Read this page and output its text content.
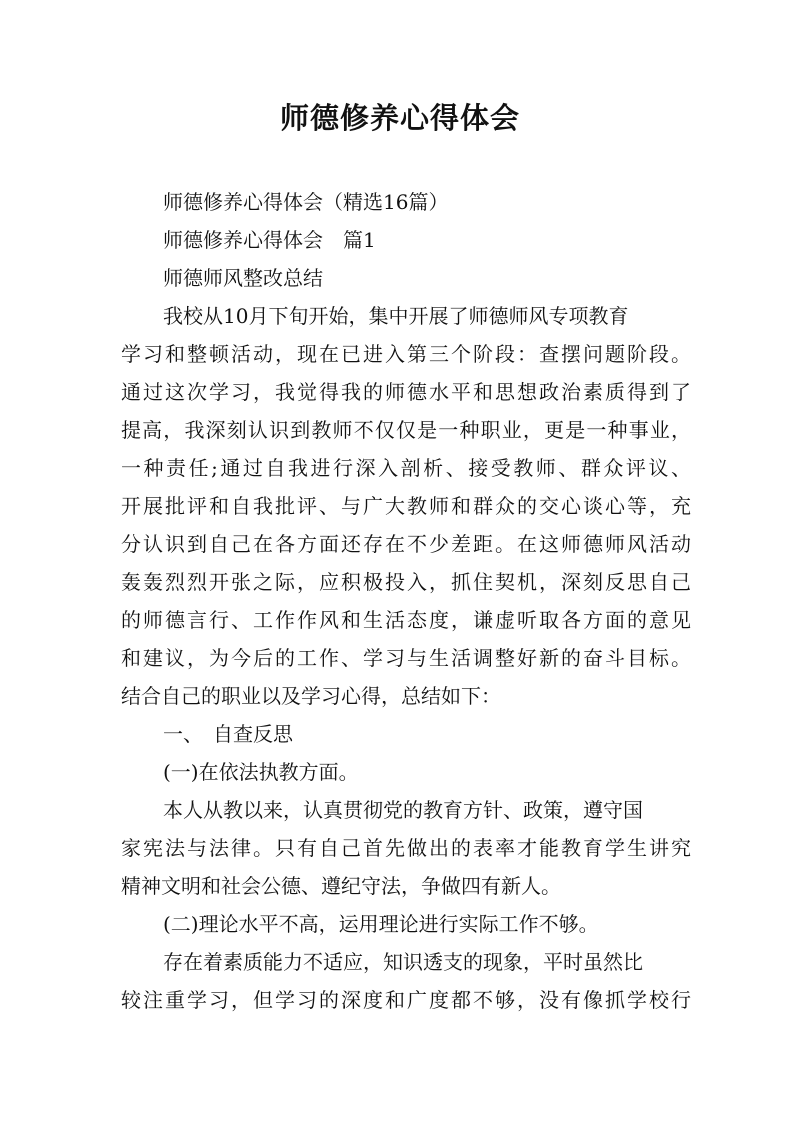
师德修养心得体会
师德修养心得体会（精选16篇）
师德修养心得体会　篇1
师德师风整改总结
我校从10月下旬开始，集中开展了师德师风专项教育
学习和整顿活动，现在已进入第三个阶段：查摆问题阶段。
通过这次学习，我觉得我的师德水平和思想政治素质得到了
提高，我深刻认识到教师不仅仅是一种职业，更是一种事业，
一种责任;通过自我进行深入剖析、接受教师、群众评议、
开展批评和自我批评、与广大教师和群众的交心谈心等，充
分认识到自己在各方面还存在不少差距。在这师德师风活动
轰轰烈烈开张之际，应积极投入，抓住契机，深刻反思自己
的师德言行、工作作风和生活态度，谦虚听取各方面的意见
和建议，为今后的工作、学习与生活调整好新的奋斗目标。
结合自己的职业以及学习心得，总结如下：
一、　自查反思
(一)在依法执教方面。
本人从教以来，认真贯彻党的教育方针、政策，遵守国
家宪法与法律。只有自己首先做出的表率才能教育学生讲究
精神文明和社会公德、遵纪守法，争做四有新人。
(二)理论水平不高，运用理论进行实际工作不够。
存在着素质能力不适应，知识透支的现象，平时虽然比
较注重学习，但学习的深度和广度都不够，没有像抓学校行
